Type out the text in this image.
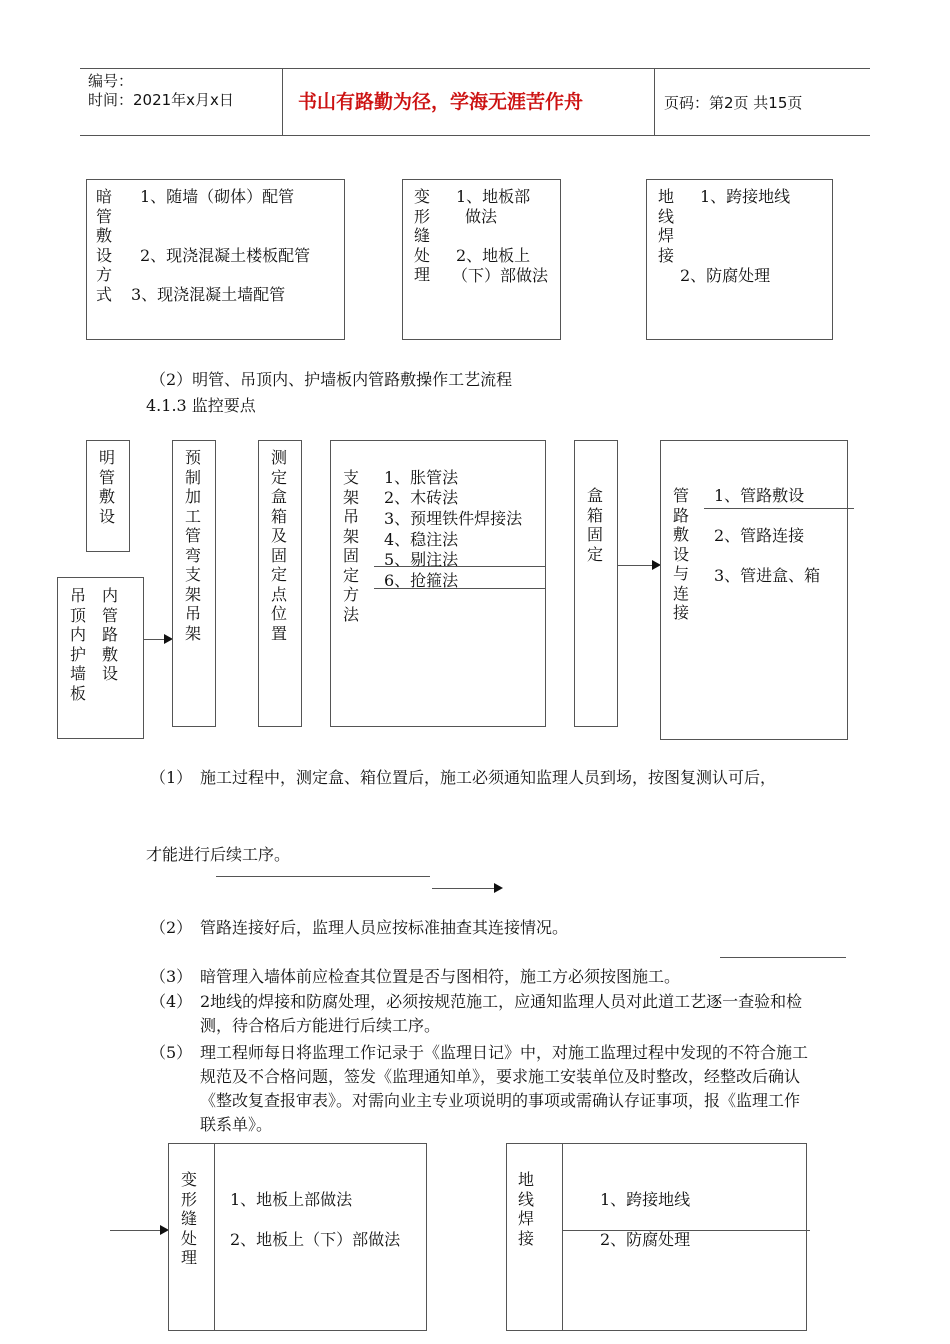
编号：
时间：2021年x月x日	书山有路勤为径，学海无涯苦作舟	页码：第2页 共15页
暗管敷设方式
1、随墙（砌体）配管
2、现浇混凝土楼板配管
3、现浇混凝土墙配管
变形缝处理
1、地板部
做法
2、地板上
（下）部做法
地线焊接
1、跨接地线
2、防腐处理
（2）明管、吊顶内、护墙板内管路敷操作工艺流程
4.1.3 监控要点
明管敷设
吊顶内护墙板
内管路敷设
预制加工管弯支架吊架
测定盒箱及固定点位置
支架吊架固定方法
1、胀管法
2、木砖法
3、预埋铁件焊接法
4、稳注法
5、剔注法
6、抢箍法
盒箱固定
管路敷设与连接
1、管路敷设
2、管路连接
3、管进盒、箱
（1） 施工过程中，测定盒、箱位置后，施工必须通知监理人员到场，按图复测认可后，
才能进行后续工序。
（2） 管路连接好后，监理人员应按标准抽查其连接情况。
（3） 暗管理入墙体前应检查其位置是否与图相符，施工方必须按图施工。
（4） 2地线的焊接和防腐处理，必须按规范施工，应通知监理人员对此道工艺逐一查验和检测，待合格后方能进行后续工序。
（5） 理工程师每日将监理工作记录于《监理日记》中，对施工监理过程中发现的不符合施工规范及不合格问题，签发《监理通知单》，要求施工安装单位及时整改，经整改后确认《整改复查报审表》。对需向业主专业项说明的事项或需确认存证事项，报《监理工作联系单》。
变形缝处理
1、地板上部做法
2、地板上（下）部做法
地线焊接
1、跨接地线
2、防腐处理
